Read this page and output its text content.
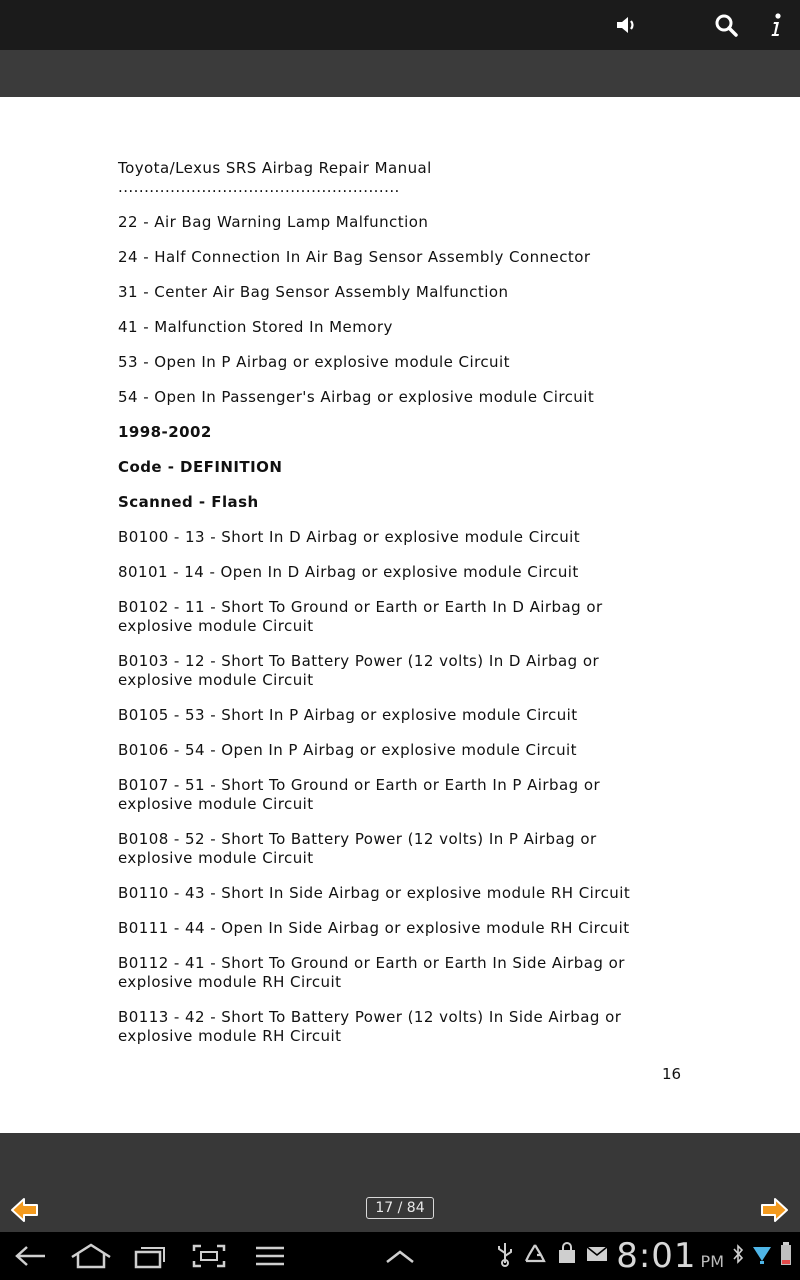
Toyota/Lexus SRS Airbag Repair Manual ......................................................
22 - Air Bag Warning Lamp Malfunction
24 - Half Connection In Air Bag Sensor Assembly Connector
31 - Center Air Bag Sensor Assembly Malfunction
41 - Malfunction Stored In Memory
53 - Open In P Airbag or explosive module Circuit
54 - Open In Passenger's Airbag or explosive module Circuit
1998-2002
Code - DEFINITION
Scanned - Flash
B0100 - 13 - Short In D Airbag or explosive module Circuit
80101 - 14 - Open In D Airbag or explosive module Circuit
B0102 - 11 - Short To Ground or Earth or Earth In D Airbag or
explosive module Circuit
B0103 - 12 - Short To Battery Power (12 volts) In D Airbag or
explosive module Circuit
B0105 - 53 - Short In P Airbag or explosive module Circuit
B0106 - 54 - Open In P Airbag or explosive module Circuit
B0107 - 51 - Short To Ground or Earth or Earth In P Airbag or
explosive module Circuit
B0108 - 52 - Short To Battery Power (12 volts) In P Airbag or
explosive module Circuit
B0110 - 43 - Short In Side Airbag or explosive module RH Circuit
B0111 - 44 - Open In Side Airbag or explosive module RH Circuit
B0112 - 41 - Short To Ground or Earth or Earth In Side Airbag or
explosive module RH Circuit
B0113 - 42 - Short To Battery Power (12 volts) In Side Airbag or
explosive module RH Circuit
16
17 / 84
8:01 PM
